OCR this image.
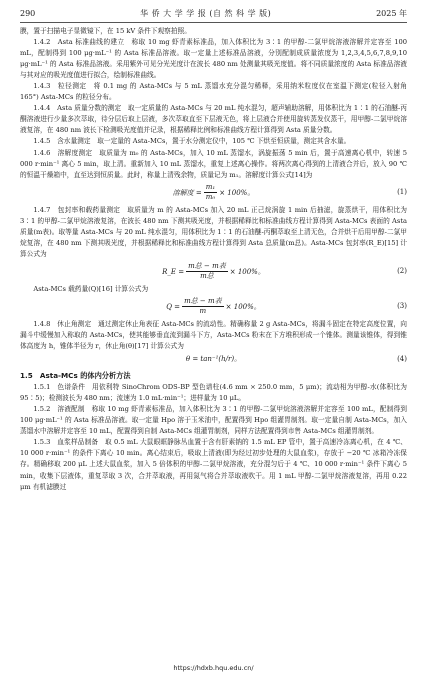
290	华 侨 大 学 学 报 (自 然 科 学 版)	2025 年

膜，置于扫描电子显微镜下，在 15 kV 条件下观察拍照。

1.4.2　Asta 标准曲线的建立　称取 10 mg 虾青素标准品，加入体积比为 3∶1 的甲醇-二氯甲烷溶液溶解并定容至 100 mL，配制得到 100 μg·mL⁻¹ 的 Asta 标准品溶液。取一定量上述标准品溶液，分别配制成质量浓度为 1,2,3,4,5,6,7,8,9,10 μg·mL⁻¹ 的 Asta 标准品溶液。采用紫外可见分光光度计在波长 480 nm 处测量其吸光度值。将不同质量浓度的 Asta 标准品溶液与其对应的吸光度值进行拟合，绘制标准曲线。

1.4.3　粒径测定　将 0.1 mg 的 Asta-MCs 与 5 mL 蒸馏水充分混匀稀释，采用纳米粒度仪在室温下测定(粒径入射角 165°) Asta-MCs 的粒径分布。

1.4.4　Asta 质量分数的测定　取一定质量的 Asta-MCs 与 20 mL 纯水混匀，超声辅助溶解，用体积比为 1∶1 的石油醚-丙酮溶液进行少量多次萃取，待分层后取上层液，多次萃取直至下层液无色，将上层液合并使用旋转蒸发仪蒸干，用甲醇-二氯甲烷溶液复溶，在 480 nm 波长下检测吸光度值并记录，根据稀释比例和标准曲线方程计算得到 Asta 质量分数。

1.4.5　含水量测定　取一定量的 Asta-MCs，置于水分测定仪中，105 ℃ 下烘至恒质量，测定其含水量。

1.4.6　溶解度测定　取质量为 m₀ 的 Asta-MCs，加入 10 mL 蒸馏水，涡旋振荡 5 min 后，置于高速离心机中，转速 5 000 r·min⁻¹ 离心 5 min，取上清。重新加入 10 mL 蒸馏水，重复上述离心操作。将两次离心得到的上清液合并后，放入 90 ℃ 的恒温干燥箱中，直至达到恒质量。此时，称量上清残余物，质量记为 m₁。溶解度计算公式[14]为

溶解度 = $\frac{\text{m₁}}{\text{m₀}} \times 100\%$。	(1)

1.4.7　包封率和载药量测定　取质量为 m 的 Asta-MCs 加入 20 mL 正己烷涡旋 1 min 后抽滤，旋蒸烘干，用体积比为 3∶1 的甲醇-二氯甲烷溶液复溶，在波长 480 nm 下测其吸光度，并根据稀释比和标准曲线方程计算得到 Asta-MCs 表面的 Asta 质量(m表)。取等量 Asta-MCs 与 20 mL 纯水混匀，用体积比为 1∶1 的石油醚-丙酮萃取至上清无色，合并烘干后用甲醇-二氯甲烷复溶，在 480 nm 下测其吸光度，并根据稀释比和标准曲线方程计算得到 Asta 总质量(m总)。Asta-MCs 包封率(R_E)[15] 计算公式为

R_E = $\frac{\text{m总 − m表}}{\text{m总}} \times 100\%$。	(2)

Asta-MCs 载药量(Q)[16] 计算公式为

$Q = \frac{\text{m总 − m表}}{m} \times 100\%$。	(3)

1.4.8　休止角测定　通过测定休止角表征 Asta-MCs 的流动性。精确称量 2 g Asta-MCs，将漏斗固定在特定高度位置，向漏斗中缓慢加入称取的 Asta-MCs，使其能够垂直流到漏斗下方，Asta-MCs 粉末在下方堆积形成一个锥体。测量该锥体，得到锥体高度为 h，锥体半径为 r，休止角(θ)[17] 计算公式为

θ = tan⁻¹(h/r)。	(4)
1.5　Asta-MCs 的体内分析方法

1.5.1　色谱条件　用依利特 SinoChrom ODS-BP 型色谱柱(4.6 mm × 250.0 mm，5 μm)；流动相为甲醇-水(体积比为 95∶5)；检测波长为 480 nm；流速为 1.0 mL·min⁻¹；进样量为 10 μL。

1.5.2　溶液配制　称取 10 mg 虾青素标准品，加入体积比为 3∶1 的甲醇-二氯甲烷溶液溶解并定容至 100 mL，配制得到 100 μg·mL⁻¹ 的 Asta 标准品溶液。取一定量 Hpo 溶于玉米油中，配置得到 Hpo 组灌胃制剂。取一定量自制 Asta-MCs，加入蒸馏水中溶解并定容至 10 mL，配置得到自制 Asta-MCs 组灌胃制剂，同样方法配置得到市售 Asta-MCs 组灌胃制剂。

1.5.3　血浆样品制备　取 0.5 mL 大鼠眼眶静脉丛血置于含有肝素钠的 1.5 mL EP 管中，置于高速冷冻离心机，在 4 ℃、10 000 r·min⁻¹ 的条件下离心 10 min。离心结束后，吸取上清液(即为经过初步处理的大鼠血浆)，存放于 −20 ℃ 冰箱冷冻保存。精确移取 200 μL 上述大鼠血浆，加入 5 倍体积的甲醇-二氯甲烷溶液，充分混匀后于 4 ℃、10 000 r·min⁻¹ 条件下离心 5 min，收集下层液体，重复萃取 3 次，合并萃取液，再用氮气将合并萃取液吹干。用 1 mL 甲醇-二氯甲烷溶液复溶，再用 0.22 μm 有机滤膜过

https://hdxb.hqu.edu.cn/
